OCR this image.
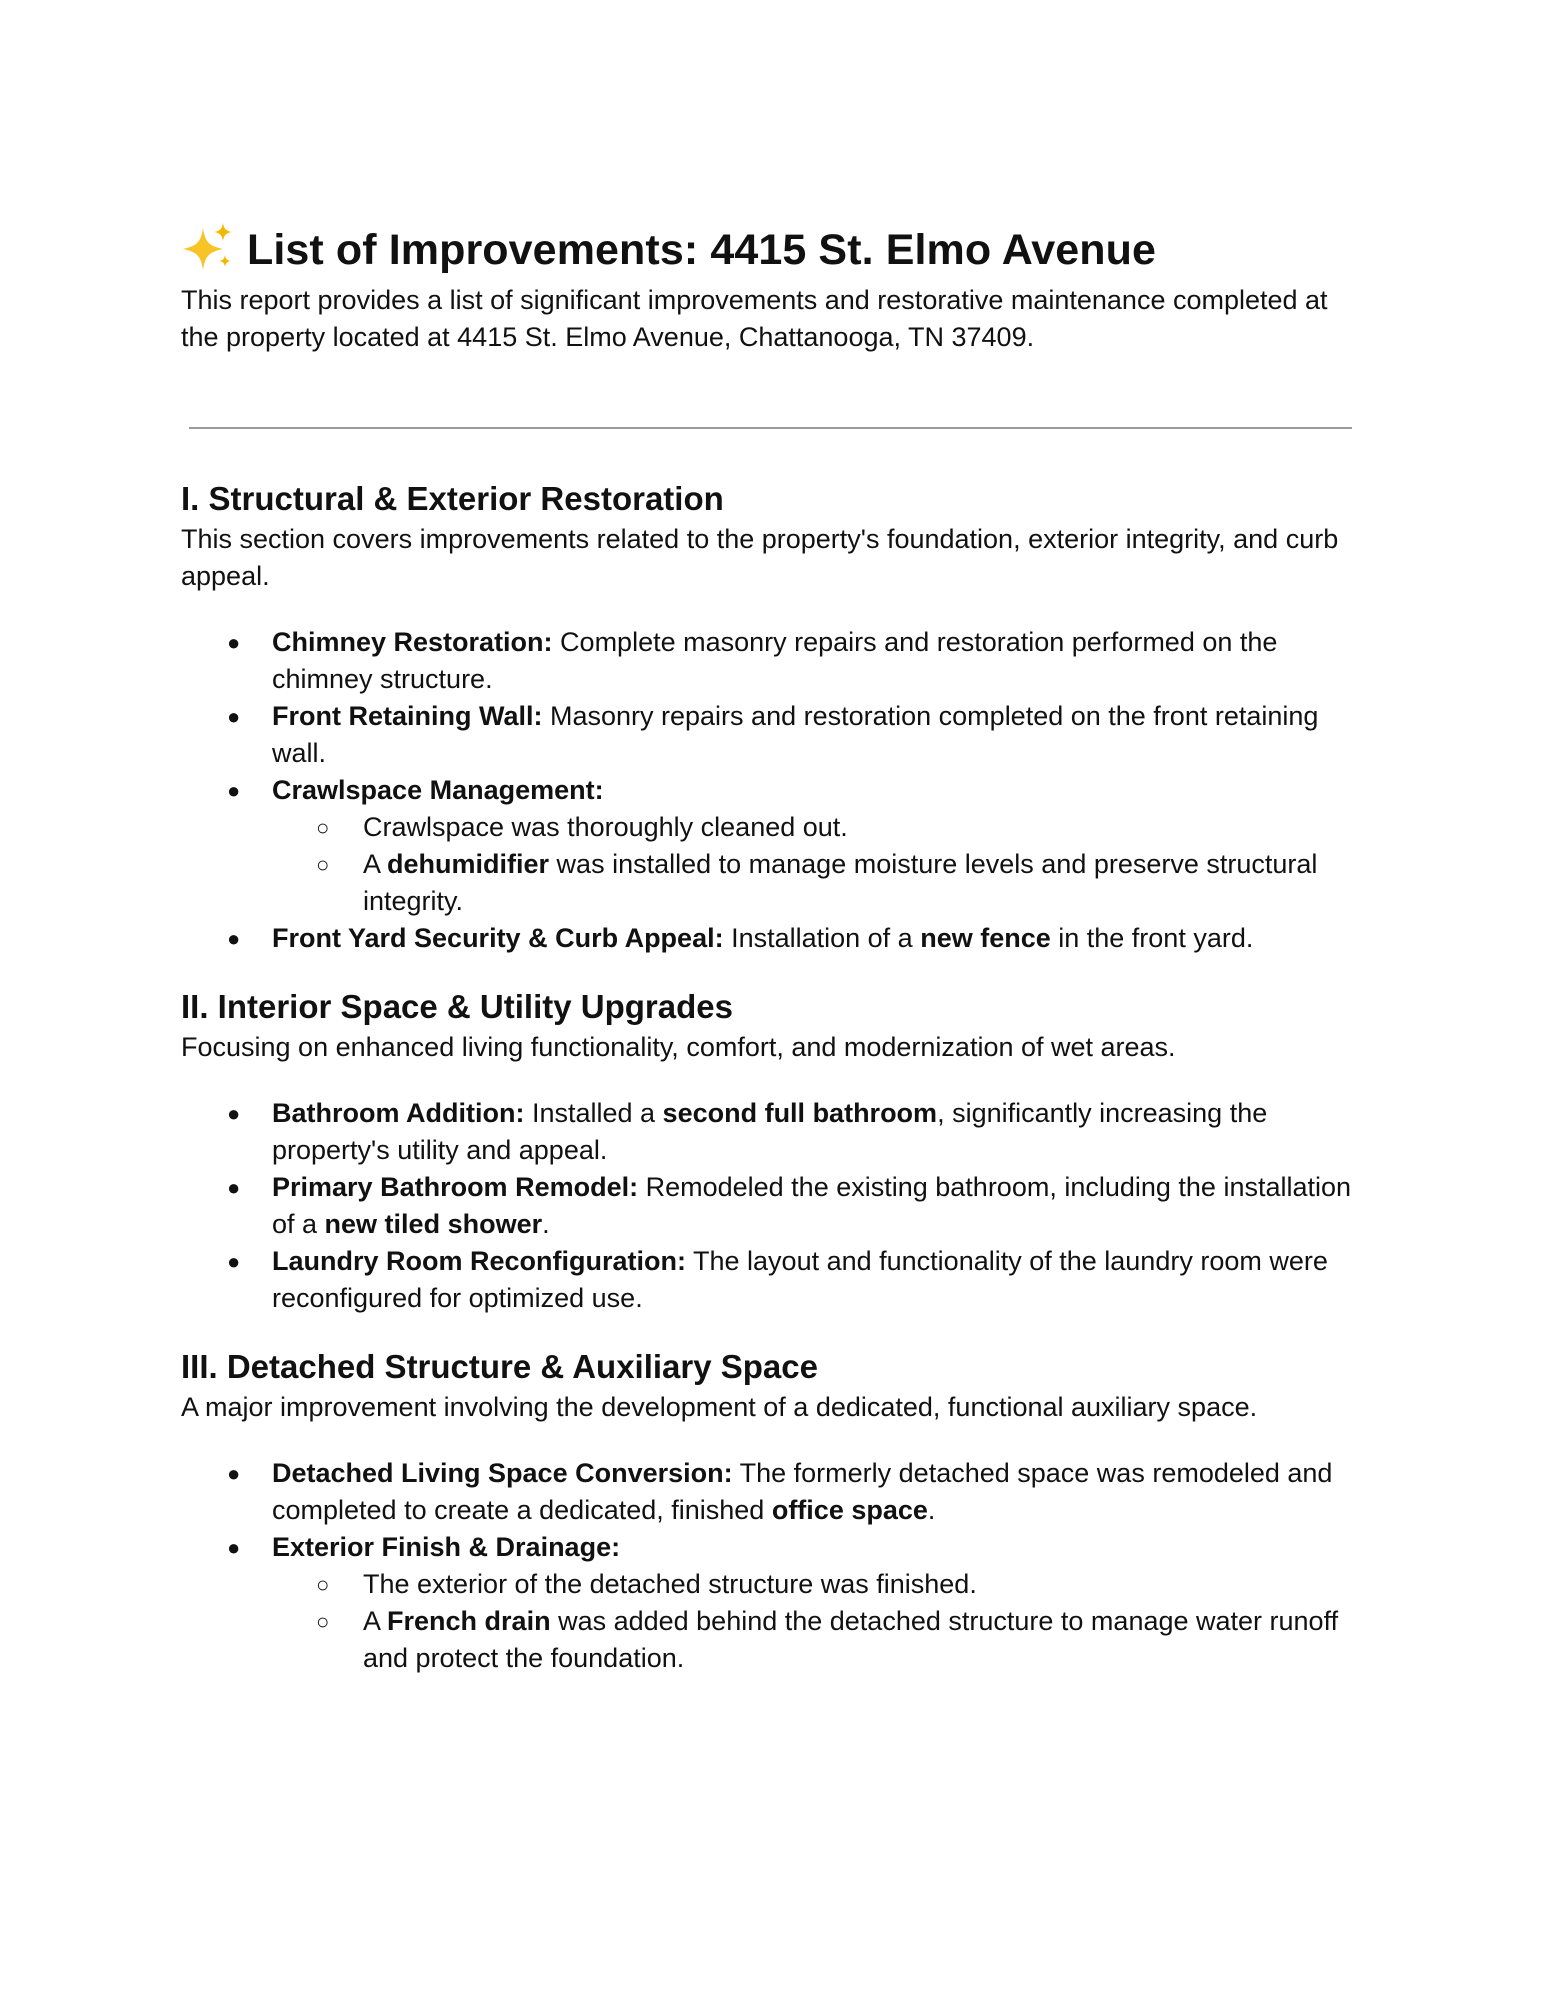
List of Improvements: 4415 St. Elmo Avenue

This report provides a list of significant improvements and restorative maintenance completed at the property located at 4415 St. Elmo Avenue, Chattanooga, TN 37409.

I. Structural & Exterior Restoration

This section covers improvements related to the property's foundation, exterior integrity, and curb appeal.

● Chimney Restoration: Complete masonry repairs and restoration performed on the chimney structure.
● Front Retaining Wall: Masonry repairs and restoration completed on the front retaining wall.
● Crawlspace Management:
○ Crawlspace was thoroughly cleaned out.
○ A dehumidifier was installed to manage moisture levels and preserve structural integrity.
● Front Yard Security & Curb Appeal: Installation of a new fence in the front yard.
II. Interior Space & Utility Upgrades

Focusing on enhanced living functionality, comfort, and modernization of wet areas.

● Bathroom Addition: Installed a second full bathroom, significantly increasing the property's utility and appeal.
● Primary Bathroom Remodel: Remodeled the existing bathroom, including the installation of a new tiled shower.
● Laundry Room Reconfiguration: The layout and functionality of the laundry room were reconfigured for optimized use.
III. Detached Structure & Auxiliary Space

A major improvement involving the development of a dedicated, functional auxiliary space.

● Detached Living Space Conversion: The formerly detached space was remodeled and completed to create a dedicated, finished office space.
● Exterior Finish & Drainage:
○ The exterior of the detached structure was finished.
○ A French drain was added behind the detached structure to manage water runoff and protect the foundation.
